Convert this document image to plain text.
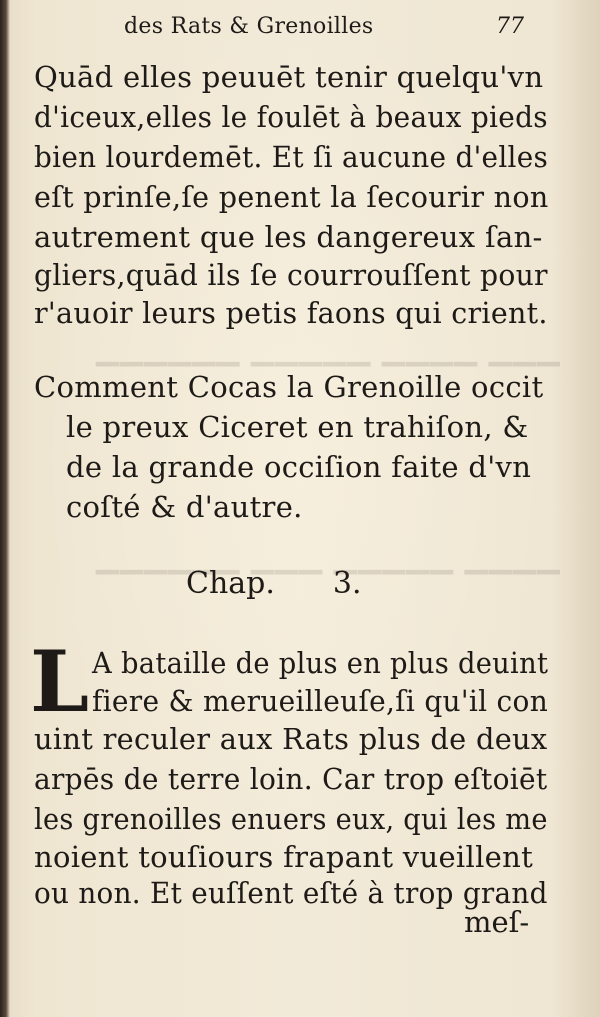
▁▁▁ ▁▁▁▁ ▁▁▁▁▁ ▁▁▁▁▁▁
▁▁▁▁ ▁▁▁▁▁ ▁▁▁ ▁▁▁▁▁▁
des Rats & Grenoilles	77
Quād elles peuuēt tenir quelqu'vn
d'iceux,elles le foulēt à beaux pieds
bien lourdemēt. Et ſi aucune d'elles
eſt prinſe,ſe penent la ſecourir non
autrement que les dangereux ſan-
gliers,quād ils ſe courrouſſent pour
r'auoir leurs petis faons qui crient.
Comment Cocas la Grenoille occit
le preux Ciceret en trahiſon, &
de la grande occiſion faite d'vn
coſté & d'autre.
Chap. 3.
L A bataille de plus en plus deuint
fiere & merueilleuſe,ſi qu'il con
uint reculer aux Rats plus de deux
arpēs de terre loin. Car trop eſtoiēt
les grenoilles enuers eux, qui les me
noient touſiours frapant vueillent
ou non. Et euſſent eſté à trop grand
meſ-
